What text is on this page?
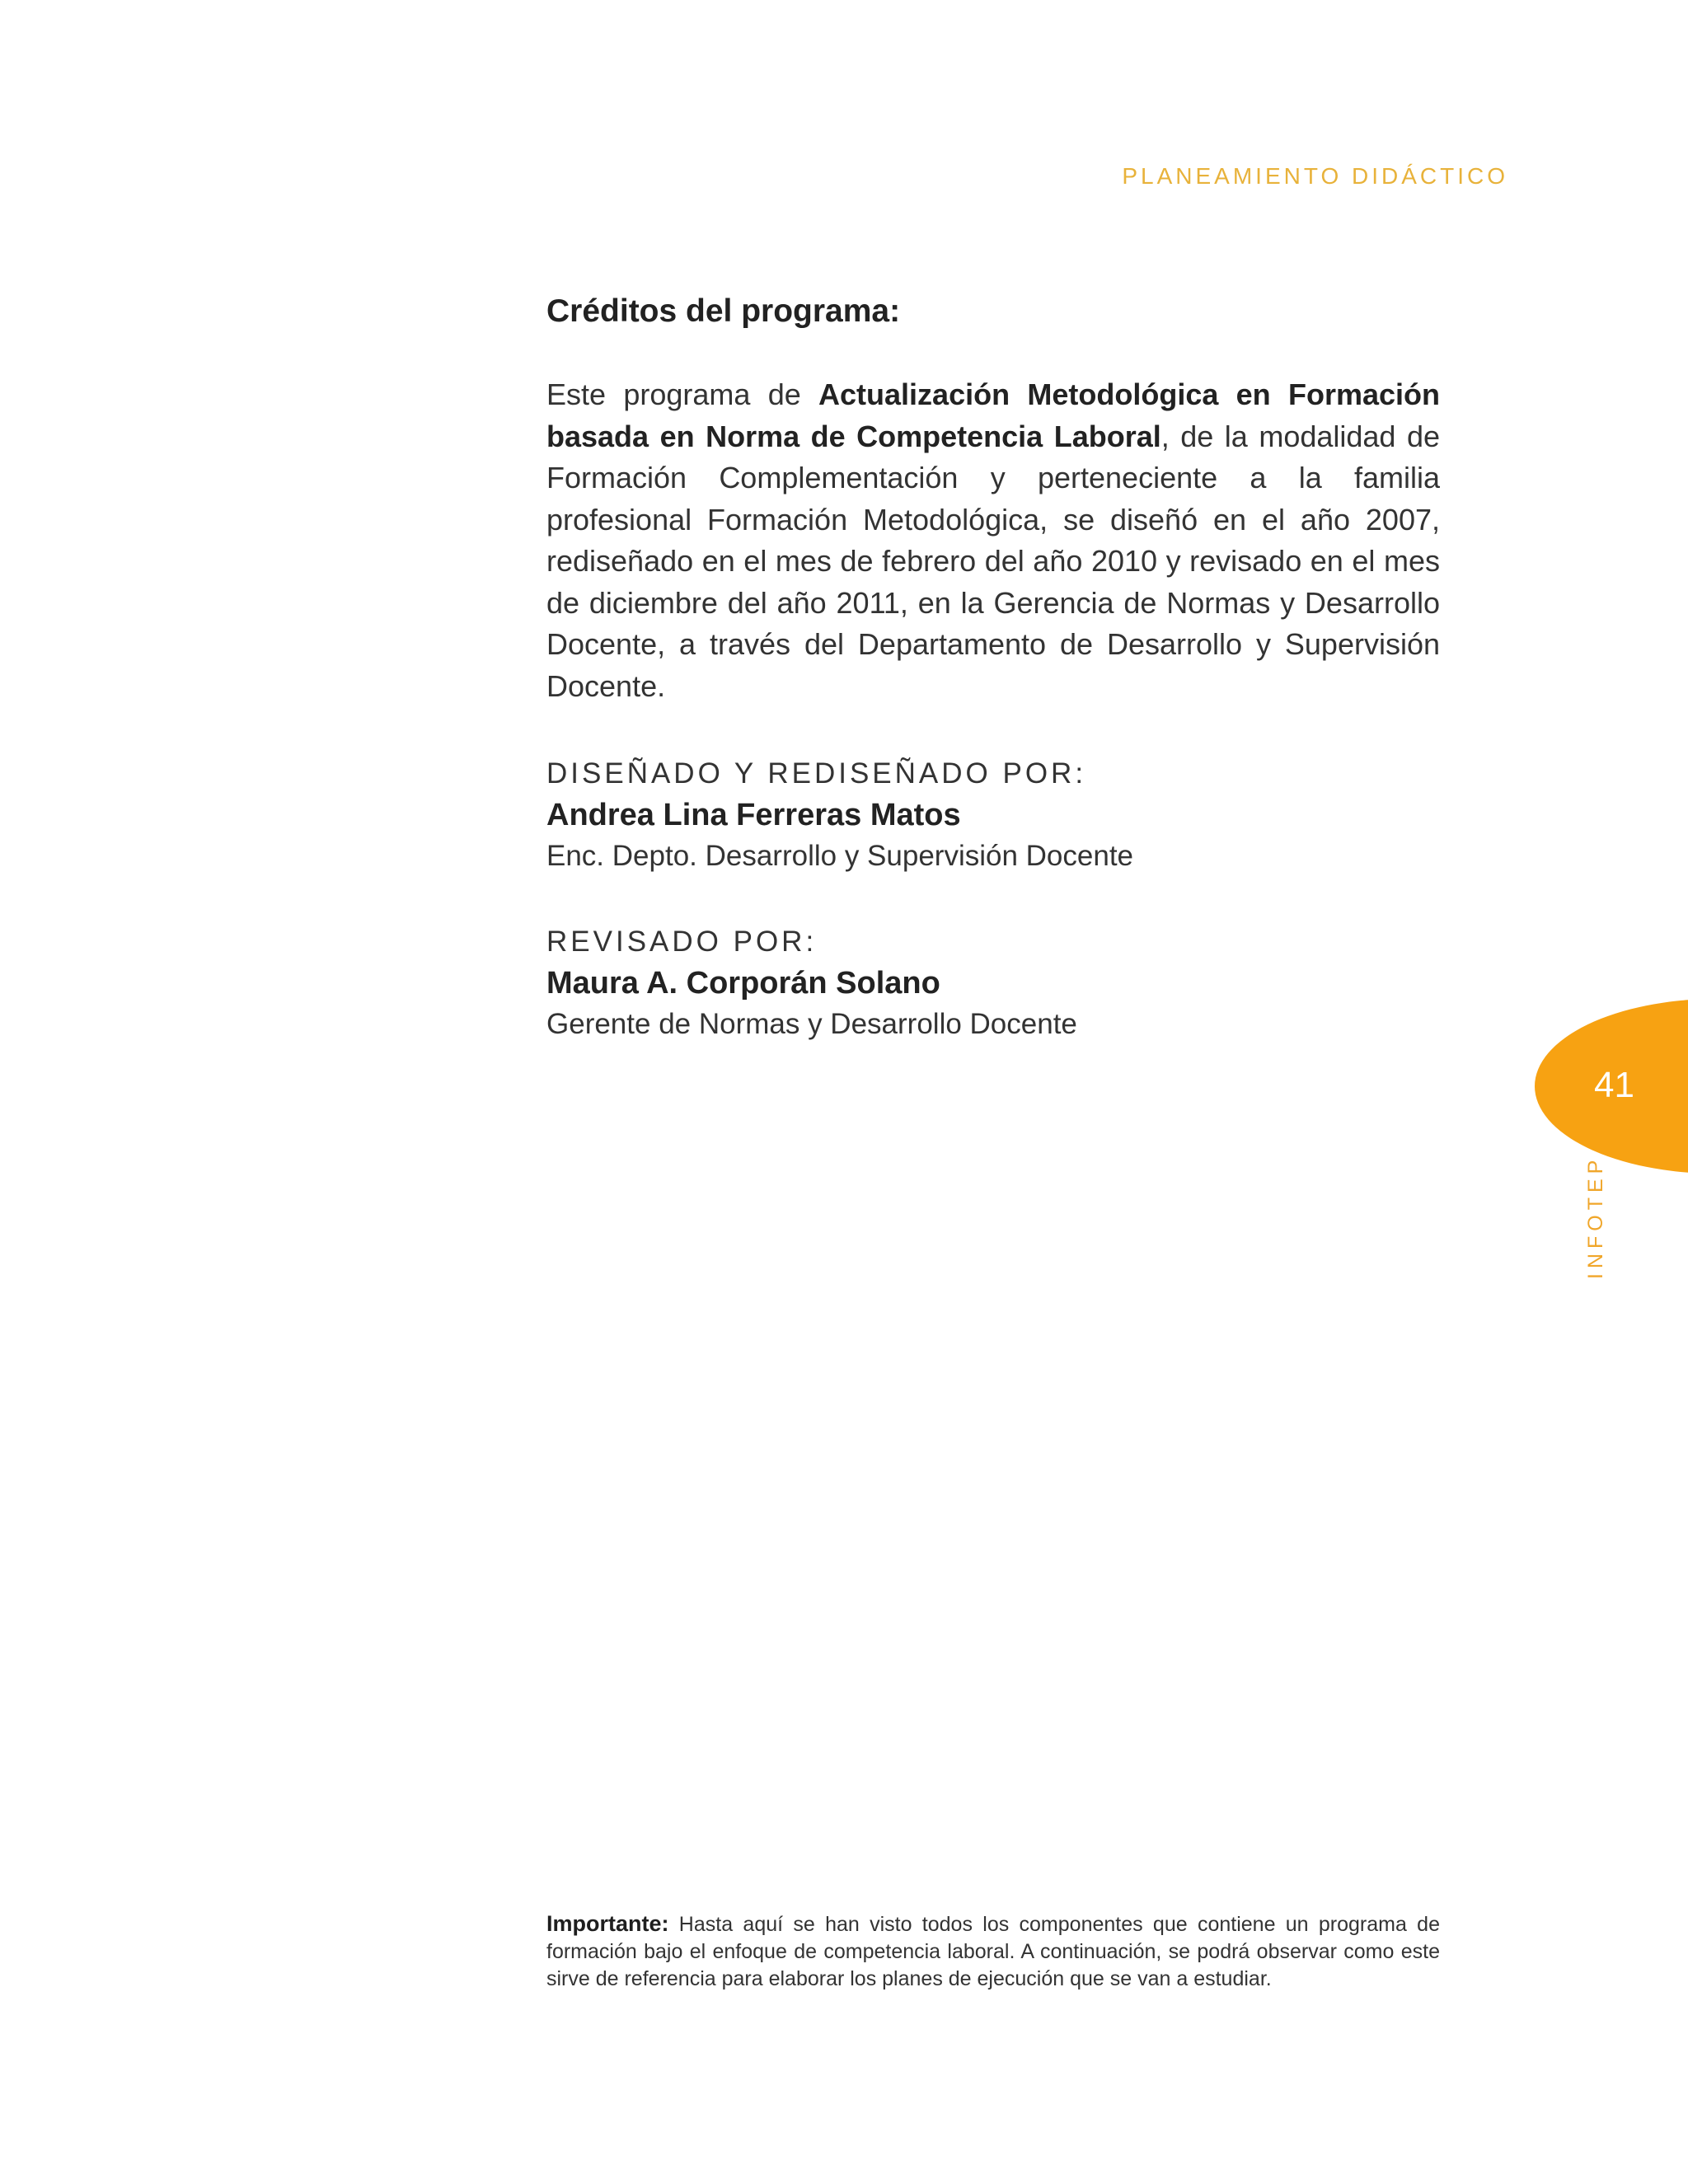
PLANEAMIENTO DIDÁCTICO
Créditos del programa:

Este programa de Actualización Metodológica en Formación basada en Norma de Competencia Laboral, de la modalidad de Formación Complementación y perteneciente a la familia profesional Formación Metodológica, se diseñó en el año 2007, rediseñado en el mes de febrero del año 2010 y revisado en el mes de diciembre del año 2011, en la Gerencia de Normas y Desarrollo Docente, a través del Departamento de Desarrollo y Supervisión Docente.

DISEÑADO Y REDISEÑADO POR:
Andrea Lina Ferreras Matos
Enc. Depto. Desarrollo y Supervisión Docente
REVISADO POR:
Maura A. Corporán Solano
Gerente de Normas y Desarrollo Docente
41
INFOTEP

Importante: Hasta aquí se han visto todos los componentes que contiene un programa de formación bajo el enfoque de competencia laboral. A continuación, se podrá observar como este sirve de referencia para elaborar los planes de ejecución que se van a estudiar.
